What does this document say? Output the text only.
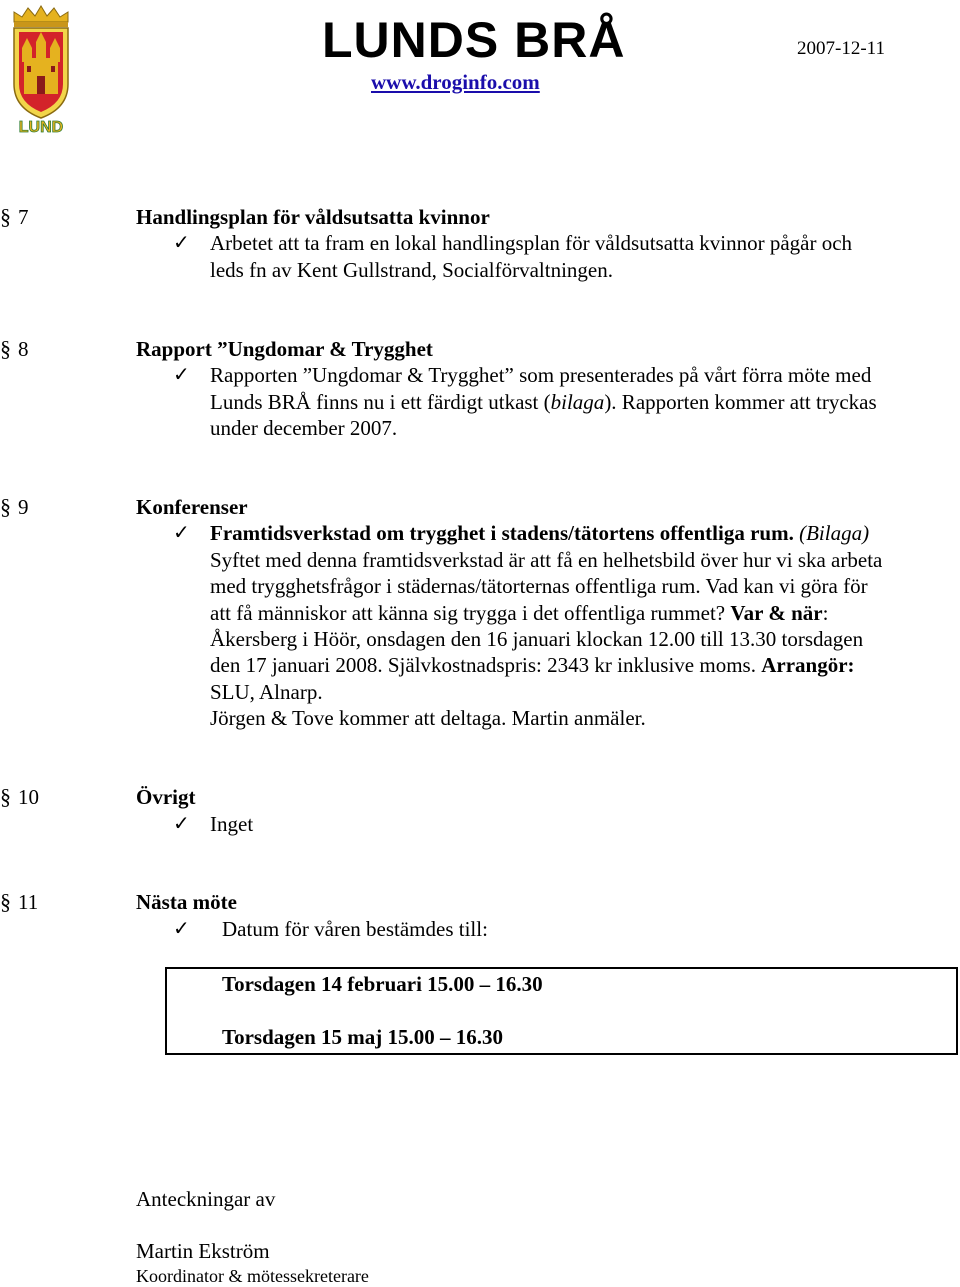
LUND
LUNDS BRÅ
www.droginfo.com
2007-12-11
§ 7	Handlingsplan för våldsutsatta kvinnor
✓ Arbetet att ta fram en lokal handlingsplan för våldsutsatta kvinnor pågår och
leds fn av Kent Gullstrand, Socialförvaltningen.
§ 8	Rapport ”Ungdomar & Trygghet
✓ Rapporten ”Ungdomar & Trygghet” som presenterades på vårt förra möte med
Lunds BRÅ finns nu i ett färdigt utkast (bilaga). Rapporten kommer att tryckas
under december 2007.
§ 9	Konferenser
✓ Framtidsverkstad om trygghet i stadens/tätortens offentliga rum. (Bilaga)
Syftet med denna framtidsverkstad är att få en helhetsbild över hur vi ska arbeta
med trygghetsfrågor i städernas/tätorternas offentliga rum. Vad kan vi göra för
att få människor att känna sig trygga i det offentliga rummet? Var & när:
Åkersberg i Höör, onsdagen den 16 januari klockan 12.00 till 13.30 torsdagen
den 17 januari 2008. Självkostnadspris: 2343 kr inklusive moms. Arrangör:
SLU, Alnarp.
Jörgen & Tove kommer att deltaga. Martin anmäler.
§ 10	Övrigt
✓ Inget
§ 11	Nästa möte
✓ Datum för våren bestämdes till:
Torsdagen 14 februari 15.00 – 16.30
Torsdagen 15 maj 15.00 – 16.30
Anteckningar av
Martin Ekström
Koordinator & mötessekreterare
